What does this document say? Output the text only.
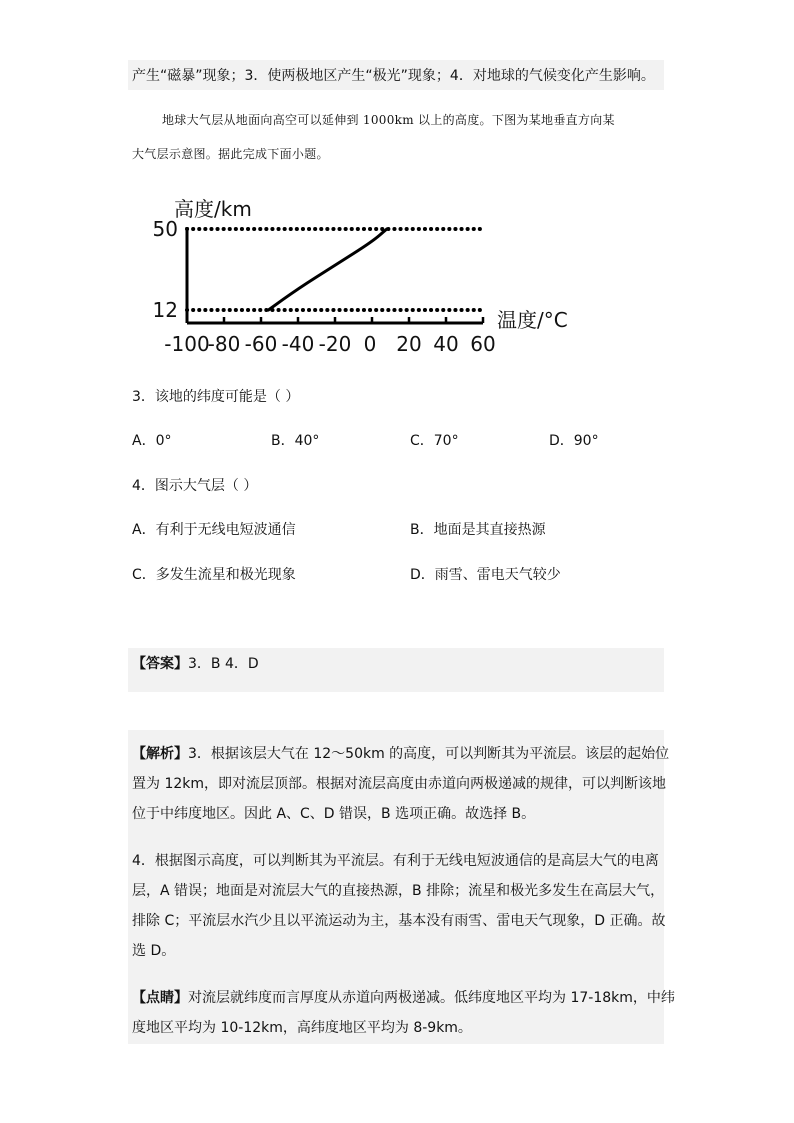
产生“磁暴”现象；3．使两极地区产生“极光”现象；4．对地球的气候变化产生影响。
地球大气层从地面向高空可以延伸到 1000km 以上的高度。下图为某地垂直方向某
大气层示意图。据此完成下面小题。
-100
-80 -60 -40 -20 0 20 40 60
12
50
高度/km
温度/°C
3．该地的纬度可能是（ ）
A．0°	B．40°	C．70°	D．90°
4．图示大气层（ ）
A．有利于无线电短波通信	B．地面是其直接热源
C．多发生流星和极光现象	D．雨雪、雷电天气较少
【答案】3．B 4．D
【解析】3．根据该层大气在 12～50km 的高度，可以判断其为平流层。该层的起始位
置为 12km，即对流层顶部。根据对流层高度由赤道向两极递减的规律，可以判断该地
位于中纬度地区。因此 A、C、D 错误，B 选项正确。故选择 B。
4．根据图示高度，可以判断其为平流层。有利于无线电短波通信的是高层大气的电离
层，A 错误；地面是对流层大气的直接热源，B 排除；流星和极光多发生在高层大气，
排除 C；平流层水汽少且以平流运动为主，基本没有雨雪、雷电天气现象，D 正确。故
选 D。
【点睛】对流层就纬度而言厚度从赤道向两极递减。低纬度地区平均为 17-18km，中纬
度地区平均为 10-12km，高纬度地区平均为 8-9km。
